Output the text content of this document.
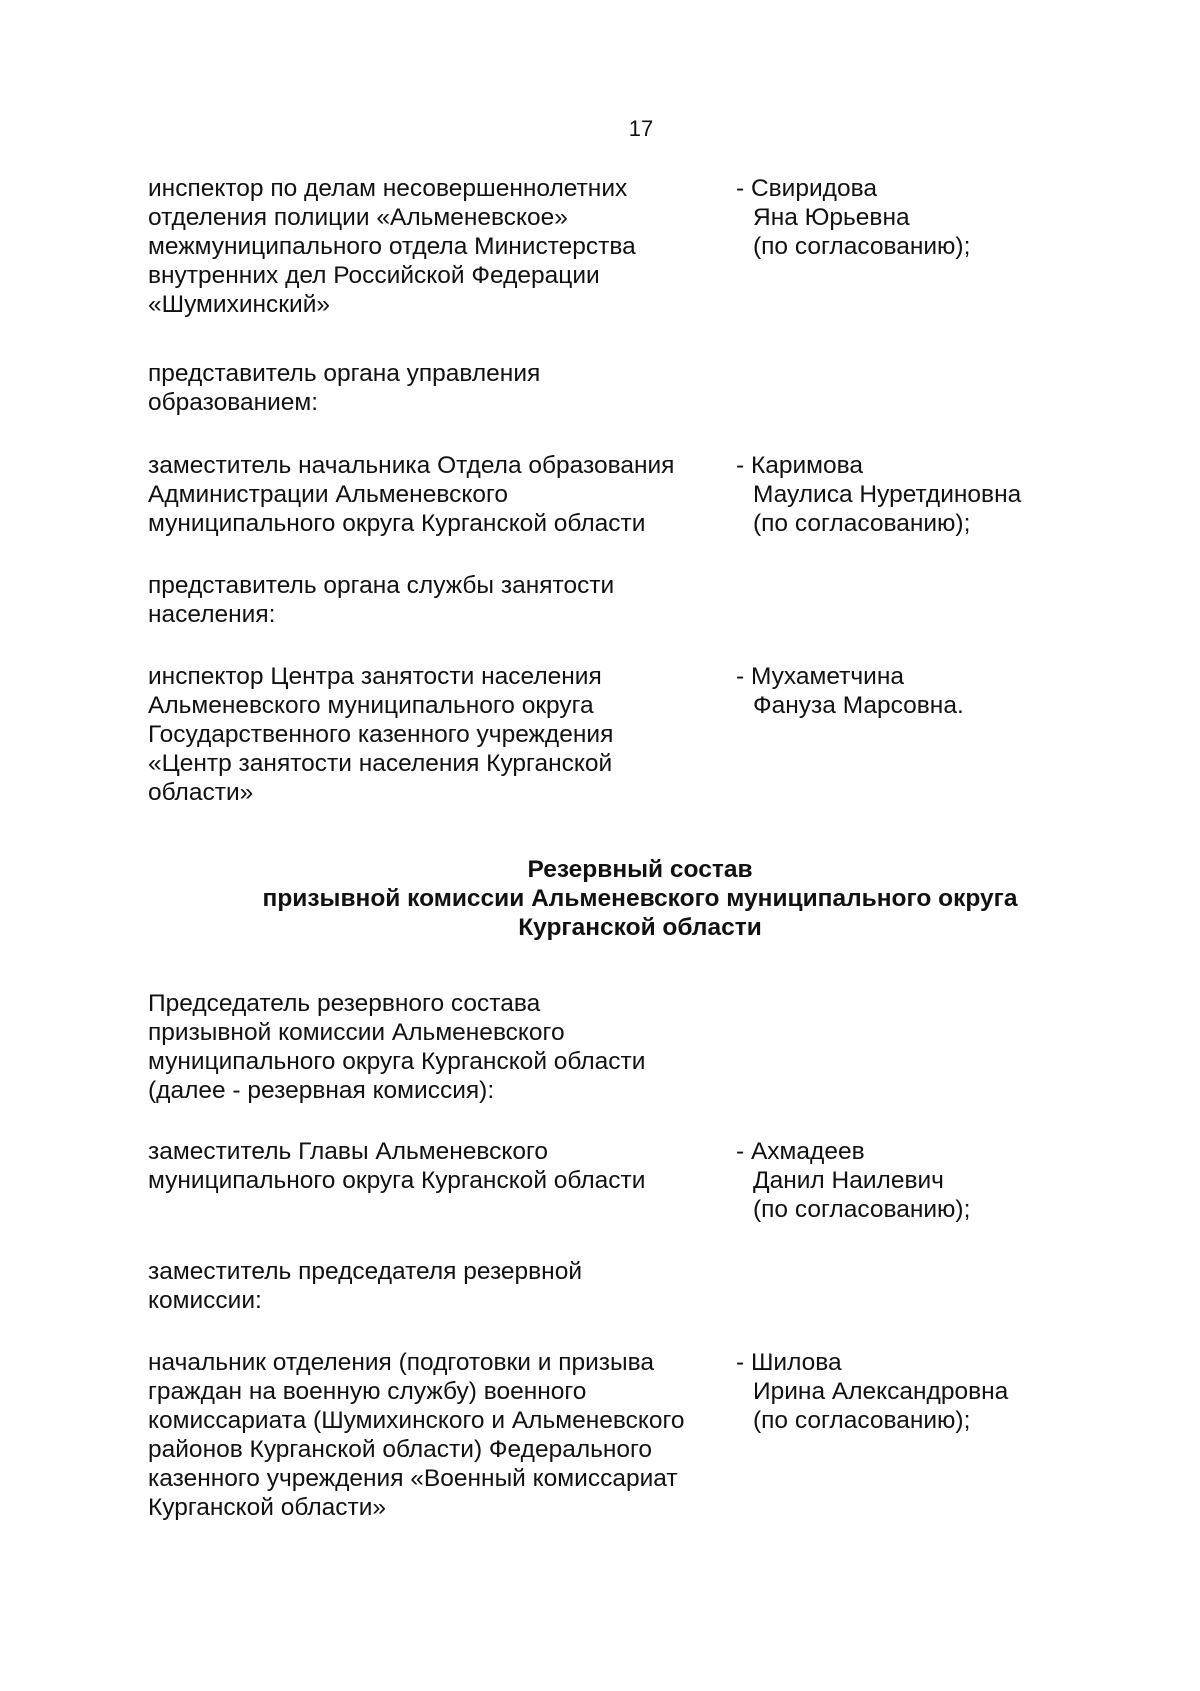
17
инспектор по делам несовершеннолетних
отделения полиции «Альменевское»
межмуниципального отдела Министерства
внутренних дел Российской Федерации
«Шумихинский»
- Свиридова
Яна Юрьевна
(по согласованию);
представитель органа управления
образованием:
заместитель начальника Отдела образования
Администрации Альменевского
муниципального округа Курганской области
- Каримова
Маулиса Нуретдиновна
(по согласованию);
представитель органа службы занятости
населения:
инспектор Центра занятости населения
Альменевского муниципального округа
Государственного казенного учреждения
«Центр занятости населения Курганской
области»
- Мухаметчина
Фануза Марсовна.
Резервный состав
призывной комиссии Альменевского муниципального округа
Курганской области
Председатель резервного состава
призывной комиссии Альменевского
муниципального округа Курганской области
(далее - резервная комиссия):
заместитель Главы Альменевского
муниципального округа Курганской области
- Ахмадеев
Данил Наилевич
(по согласованию);
заместитель председателя резервной
комиссии:
начальник отделения (подготовки и призыва
граждан на военную службу) военного
комиссариата (Шумихинского и Альменевского
районов Курганской области) Федерального
казенного учреждения «Военный комиссариат
Курганской области»
- Шилова
Ирина Александровна
(по согласованию);
